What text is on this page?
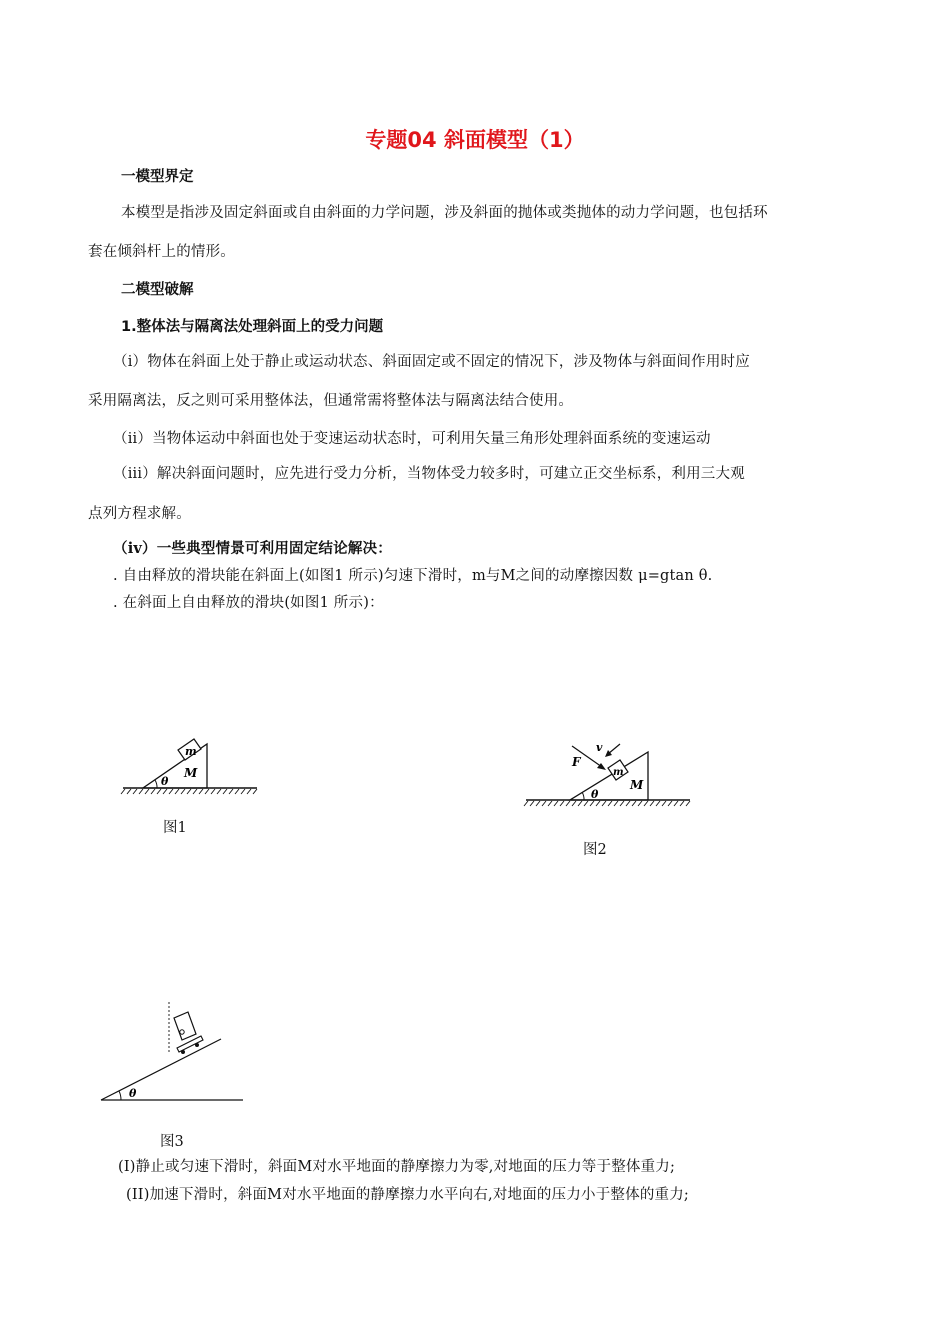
专题04 斜面模型（1）
一模型界定
本模型是指涉及固定斜面或自由斜面的力学问题，涉及斜面的抛体或类抛体的动力学问题，也包括环
套在倾斜杆上的情形。
二模型破解
1.整体法与隔离法处理斜面上的受力问题
（i）物体在斜面上处于静止或运动状态、斜面固定或不固定的情况下，涉及物体与斜面间作用时应
采用隔离法，反之则可采用整体法，但通常需将整体法与隔离法结合使用。
（ii）当物体运动中斜面也处于变速运动状态时，可利用矢量三角形处理斜面系统的变速运动
（iii）解决斜面问题时，应先进行受力分析，当物体受力较多时，可建立正交坐标系，利用三大观
点列方程求解。
（iv）一些典型情景可利用固定结论解决：
. 自由释放的滑块能在斜面上(如图1 所示)匀速下滑时，m与M之间的动摩擦因数 μ=gtan θ.
. 在斜面上自由释放的滑块(如图1 所示)：
m
M
θ
图1
F
v
m
M
θ
图2
θ
图3
(I)静止或匀速下滑时，斜面M对水平地面的静摩擦力为零,对地面的压力等于整体重力;
(II)加速下滑时，斜面M对水平地面的静摩擦力水平向右,对地面的压力小于整体的重力;
